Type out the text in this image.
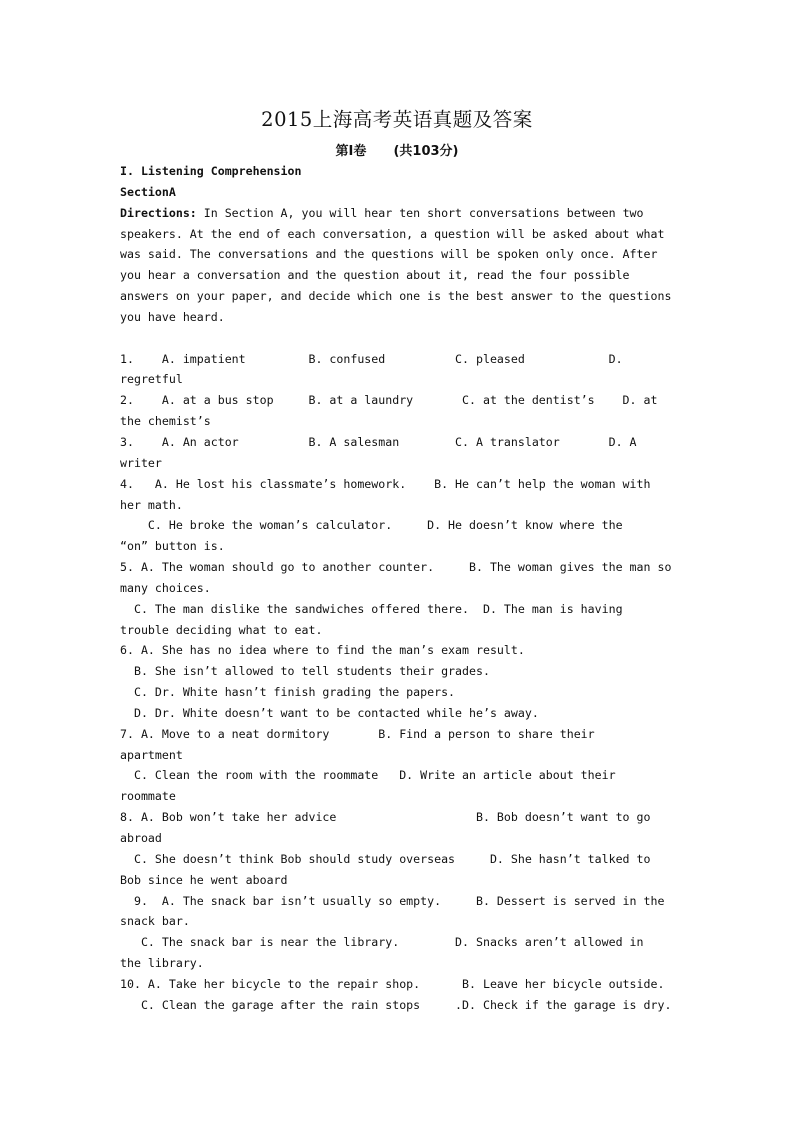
2015上海高考英语真题及答案
第Ⅰ卷      (共103分)
I. Listening Comprehension
SectionA
Directions: In Section A, you will hear ten short conversations between two
speakers. At the end of each conversation, a question will be asked about what
was said. The conversations and the questions will be spoken only once. After
you hear a conversation and the question about it, read the four possible
answers on your paper, and decide which one is the best answer to the questions
you have heard.
1.    A. impatient         B. confused          C. pleased            D.
regretful
2.    A. at a bus stop     B. at a laundry       C. at the dentist’s    D. at
the chemist’s
3.    A. An actor          B. A salesman        C. A translator       D. A
writer
4.   A. He lost his classmate’s homework.    B. He can’t help the woman with
her math.
C. He broke the woman’s calculator.     D. He doesn’t know where the
“on” button is.
5. A. The woman should go to another counter.     B. The woman gives the man so
many choices.
C. The man dislike the sandwiches offered there.  D. The man is having
trouble deciding what to eat.
6. A. She has no idea where to find the man’s exam result.
B. She isn’t allowed to tell students their grades.
C. Dr. White hasn’t finish grading the papers.
D. Dr. White doesn’t want to be contacted while he’s away.
7. A. Move to a neat dormitory       B. Find a person to share their
apartment
C. Clean the room with the roommate   D. Write an article about their
roommate
8. A. Bob won’t take her advice                    B. Bob doesn’t want to go
abroad
C. She doesn’t think Bob should study overseas     D. She hasn’t talked to
Bob since he went aboard
9.  A. The snack bar isn’t usually so empty.     B. Dessert is served in the
snack bar.
C. The snack bar is near the library.        D. Snacks aren’t allowed in
the library.
10. A. Take her bicycle to the repair shop.      B. Leave her bicycle outside.
C. Clean the garage after the rain stops     .D. Check if the garage is dry.
